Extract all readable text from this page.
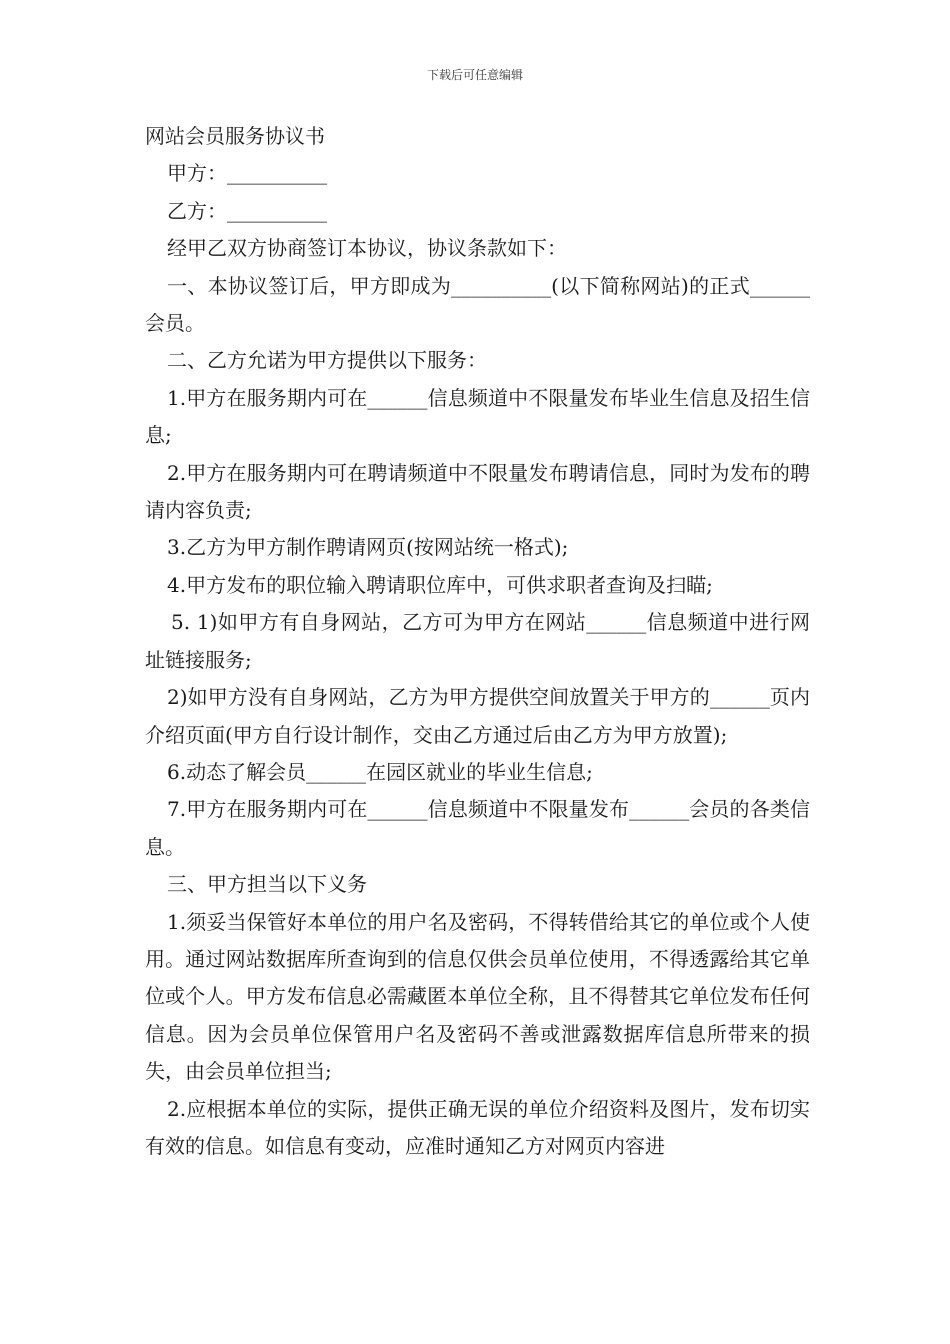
下载后可任意编辑

网站会员服务协议书

甲方：__________

乙方：__________

经甲乙双方协商签订本协议，协议条款如下：

一、本协议签订后，甲方即成为__________(以下简称网站)的正式______会员。

二、乙方允诺为甲方提供以下服务：

1.甲方在服务期内可在______信息频道中不限量发布毕业生信息及招生信息;

2.甲方在服务期内可在聘请频道中不限量发布聘请信息，同时为发布的聘请内容负责;

3.乙方为甲方制作聘请网页(按网站统一格式);

4.甲方发布的职位输入聘请职位库中，可供求职者查询及扫瞄;

5. 1)如甲方有自身网站，乙方可为甲方在网站______信息频道中进行网址链接服务;

2)如甲方没有自身网站，乙方为甲方提供空间放置关于甲方的______页内介绍页面(甲方自行设计制作，交由乙方通过后由乙方为甲方放置);

6.动态了解会员______在园区就业的毕业生信息;

7.甲方在服务期内可在______信息频道中不限量发布______会员的各类信息。

三、甲方担当以下义务

1.须妥当保管好本单位的用户名及密码，不得转借给其它的单位或个人使用。通过网站数据库所查询到的信息仅供会员单位使用，不得透露给其它单位或个人。甲方发布信息必需藏匿本单位全称，且不得替其它单位发布任何信息。因为会员单位保管用户名及密码不善或泄露数据库信息所带来的损失，由会员单位担当;

2.应根据本单位的实际，提供正确无误的单位介绍资料及图片，发布切实有效的信息。如信息有变动，应准时通知乙方对网页内容进
